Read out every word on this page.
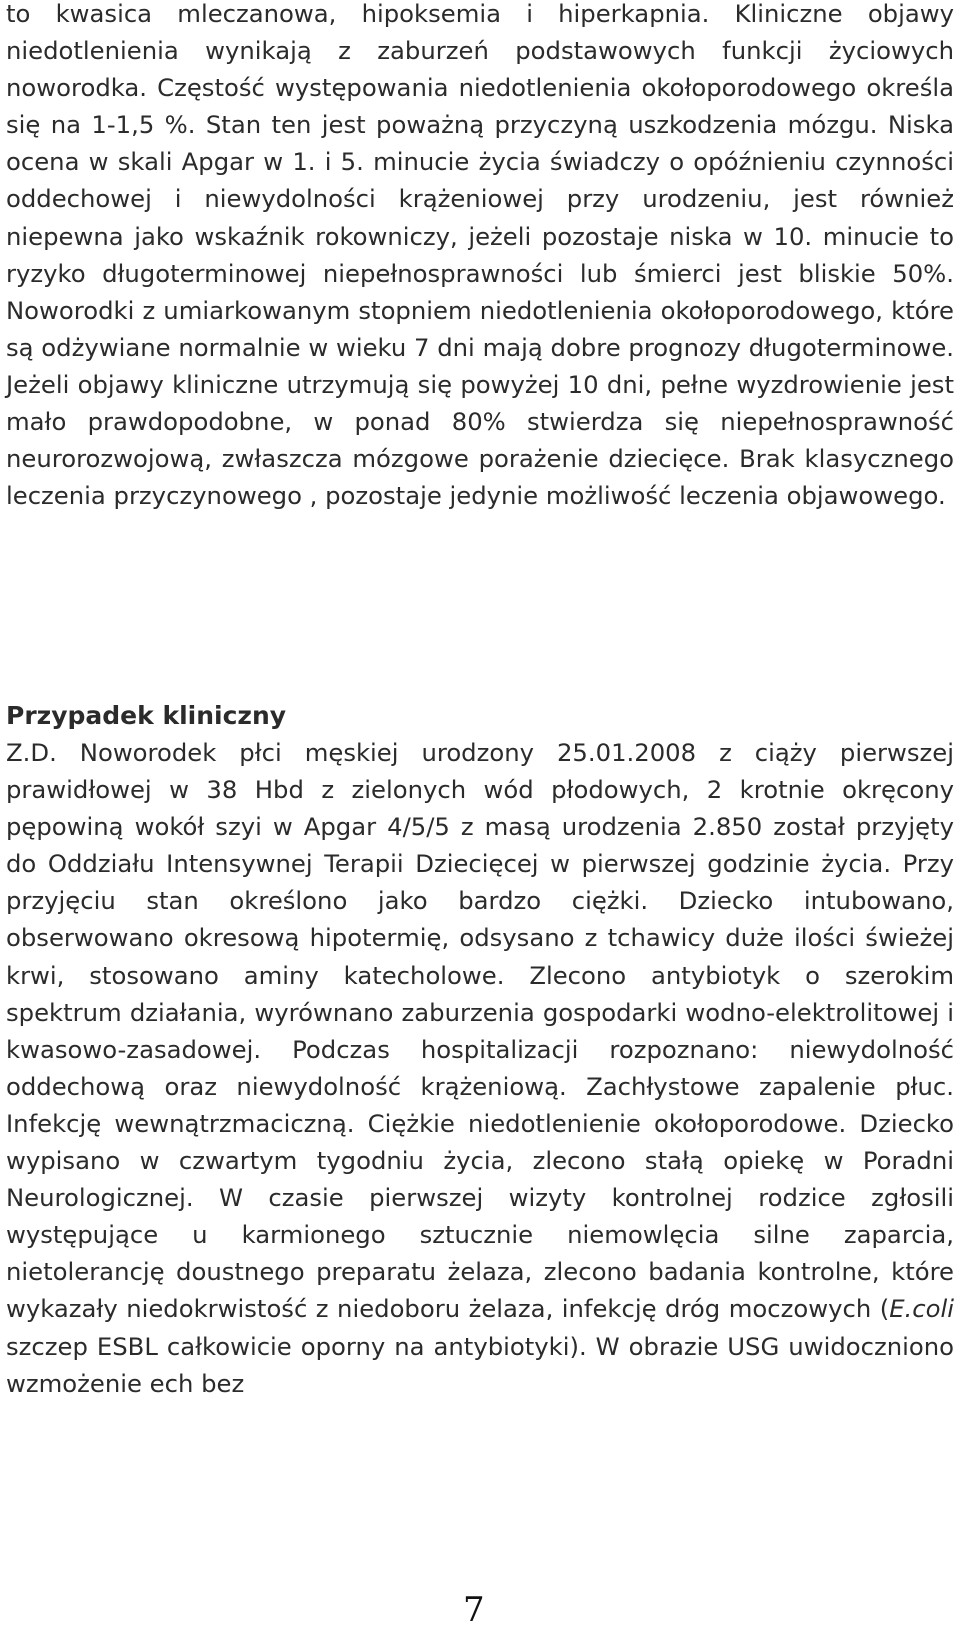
to kwasica mleczanowa, hipoksemia i hiperkapnia. Kliniczne objawy niedotlenienia wynikają z zaburzeń podstawowych funkcji życiowych noworodka. Częstość występowania niedotlenienia okołoporodowego określa się na 1-1,5 %. Stan ten jest poważną przyczyną uszkodzenia mózgu. Niska ocena w skali Apgar w 1. i 5. minucie życia świadczy o opóźnieniu czynności oddechowej i niewydolności krążeniowej przy urodzeniu, jest również niepewna jako wskaźnik rokowniczy, jeżeli pozostaje niska w 10. minucie to ryzyko długoterminowej niepełnosprawności lub śmierci jest bliskie 50%. Noworodki z umiarkowanym stopniem niedotlenienia okołoporodowego, które są odżywiane normalnie w wieku 7 dni mają dobre prognozy długoterminowe. Jeżeli objawy kliniczne utrzymują się powyżej 10 dni, pełne wyzdrowienie jest mało prawdopodobne, w ponad 80% stwierdza się niepełnosprawność neurorozwojową, zwłaszcza mózgowe porażenie dziecięce. Brak klasycznego leczenia przyczynowego , pozostaje jedynie możliwość leczenia objawowego.

Przypadek kliniczny

Z.D. Noworodek płci męskiej urodzony 25.01.2008 z ciąży pierwszej prawidłowej w 38 Hbd z zielonych wód płodowych, 2 krotnie okręcony pępowiną wokół szyi w Apgar 4/5/5 z masą urodzenia 2.850 został przyjęty do Oddziału Intensywnej Terapii Dziecięcej w pierwszej godzinie życia. Przy przyjęciu stan określono jako bardzo ciężki. Dziecko intubowano, obserwowano okresową hipotermię, odsysano z tchawicy duże ilości świeżej krwi, stosowano aminy katecholowe. Zlecono antybiotyk o szerokim spektrum działania, wyrównano zaburzenia gospodarki wodno-elektrolitowej i kwasowo-zasadowej. Podczas hospitalizacji rozpoznano: niewydolność oddechową oraz niewydolność krążeniową. Zachłystowe zapalenie płuc. Infekcję wewnątrzmaciczną. Ciężkie niedotlenienie okołoporodowe. Dziecko wypisano w czwartym tygodniu życia, zlecono stałą opiekę w Poradni Neurologicznej. W czasie pierwszej wizyty kontrolnej rodzice zgłosili występujące u karmionego sztucznie niemowlęcia silne zaparcia, nietolerancję doustnego preparatu żelaza, zlecono badania kontrolne, które wykazały niedokrwistość z niedoboru żelaza, infekcję dróg moczowych (E.coli szczep ESBL całkowicie oporny na antybiotyki). W obrazie USG uwidoczniono wzmożenie ech bez

7
